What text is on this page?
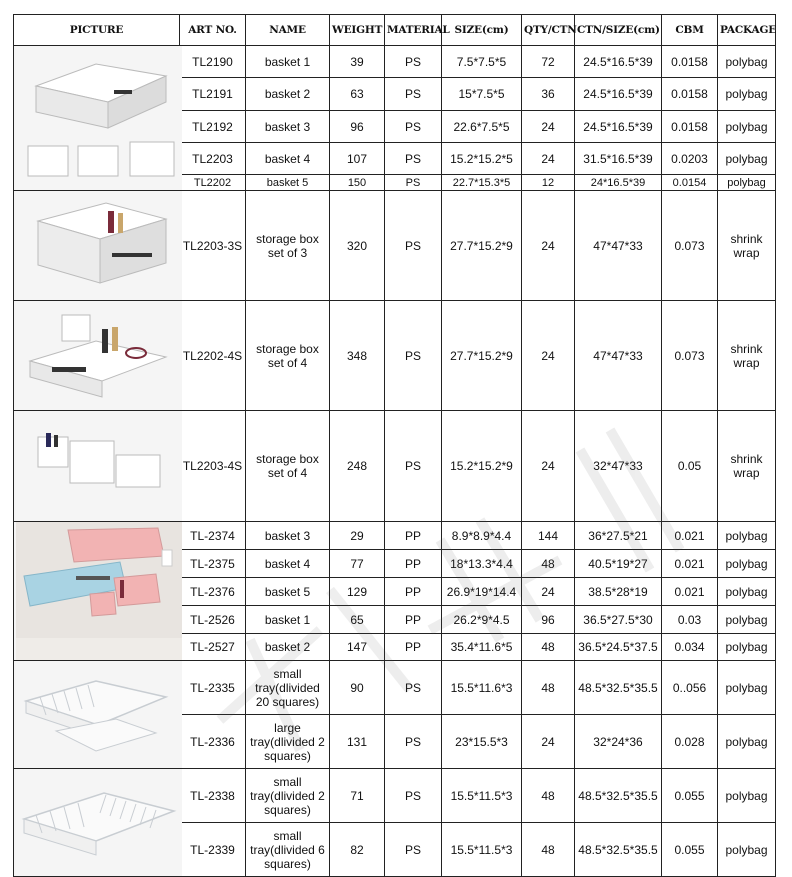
PICTURE	ART NO.	NAME	WEIGHT	MATERIAL	SIZE(cm)	QTY/CTN	CTN/SIZE(cm)	CBM	PACKAGE

	TL2190	basket 1	39	PS	7.5*7.5*5	72	24.5*16.5*39	0.0158	polybag
	TL2191	basket 2	63	PS	15*7.5*5	36	24.5*16.5*39	0.0158	polybag
	TL2192	basket 3	96	PS	22.6*7.5*5	24	24.5*16.5*39	0.0158	polybag
	TL2203	basket 4	107	PS	15.2*15.2*5	24	31.5*16.5*39	0.0203	polybag
	TL2202	basket 5	150	PS	22.7*15.3*5	12	24*16.5*39	0.0154	polybag

	TL2203-3S	storage box set of 3	320	PS	27.7*15.2*9	24	47*47*33	0.073	shrink wrap

	TL2202-4S	storage box set of 4	348	PS	27.7*15.2*9	24	47*47*33	0.073	shrink wrap

	TL2203-4S	storage box set of 4	248	PS	15.2*15.2*9	24	32*47*33	0.05	shrink wrap

	TL-2374	basket 3	29	PP	8.9*8.9*4.4	144	36*27.5*21	0.021	polybag
	TL-2375	basket 4	77	PP	18*13.3*4.4	48	40.5*19*27	0.021	polybag
	TL-2376	basket 5	129	PP	26.9*19*14.4	24	38.5*28*19	0.021	polybag
	TL-2526	basket 1	65	PP	26.2*9*4.5	96	36.5*27.5*30	0.03	polybag
	TL-2527	basket 2	147	PP	35.4*11.6*5	48	36.5*24.5*37.5	0.034	polybag

	TL-2335	small tray(dlivided 20 squares)	90	PS	15.5*11.6*3	48	48.5*32.5*35.5	0..056	polybag
	TL-2336	large tray(dlivided 2 squares)	131	PS	23*15.5*3	24	32*24*36	0.028	polybag

	TL-2338	small tray(dlivided 2 squares)	71	PS	15.5*11.5*3	48	48.5*32.5*35.5	0.055	polybag
	TL-2339	small tray(dlivided 6 squares)	82	PS	15.5*11.5*3	48	48.5*32.5*35.5	0.055	polybag
